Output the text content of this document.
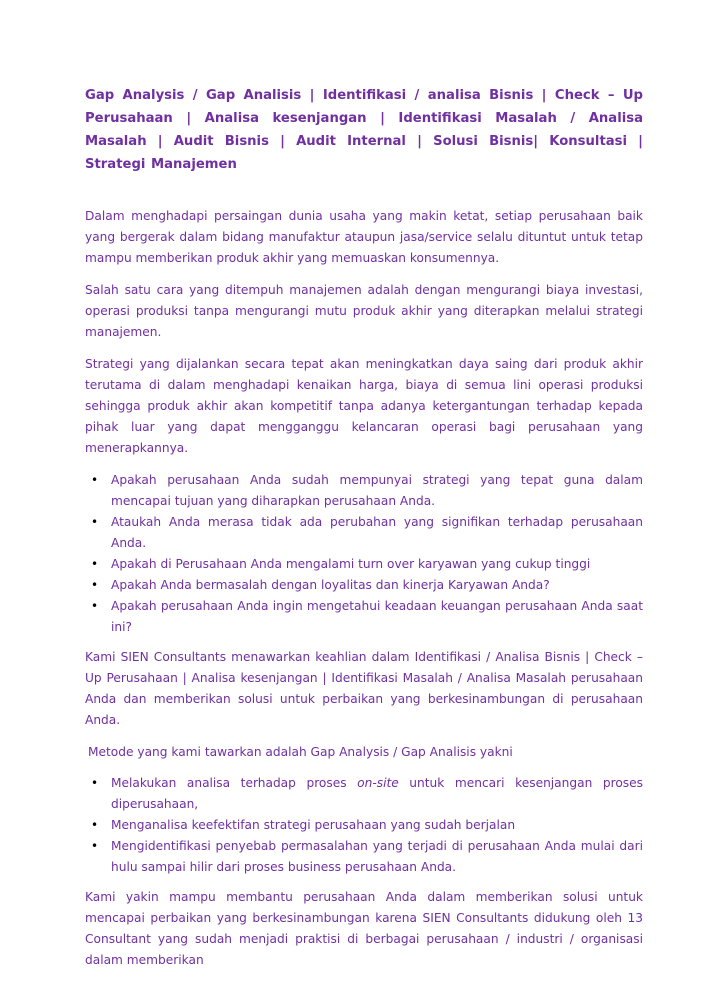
Gap Analysis / Gap Analisis | Identifikasi / analisa Bisnis | Check – Up Perusahaan | Analisa kesenjangan | Identifikasi Masalah / Analisa Masalah | Audit Bisnis | Audit Internal | Solusi Bisnis| Konsultasi | Strategi Manajemen

Dalam menghadapi persaingan dunia usaha yang makin ketat, setiap perusahaan baik yang bergerak dalam bidang manufaktur ataupun jasa/service selalu dituntut untuk tetap mampu memberikan produk akhir yang memuaskan konsumennya.

Salah satu cara yang ditempuh manajemen adalah dengan mengurangi biaya investasi, operasi produksi tanpa mengurangi mutu produk akhir yang diterapkan melalui strategi manajemen.

Strategi yang dijalankan secara tepat akan meningkatkan daya saing dari produk akhir terutama di dalam menghadapi kenaikan harga, biaya di semua lini operasi produksi sehingga produk akhir akan kompetitif tanpa adanya ketergantungan terhadap kepada pihak luar yang dapat mengganggu kelancaran operasi bagi perusahaan yang menerapkannya.

• Apakah perusahaan Anda sudah mempunyai strategi yang tepat guna dalam mencapai tujuan yang diharapkan perusahaan Anda.
• Ataukah Anda merasa tidak ada perubahan yang signifikan terhadap perusahaan Anda.
• Apakah di Perusahaan Anda mengalami turn over karyawan yang cukup tinggi
• Apakah Anda bermasalah dengan loyalitas dan kinerja Karyawan Anda?
• Apakah perusahaan Anda ingin mengetahui keadaan keuangan perusahaan Anda saat ini?

Kami SIEN Consultants menawarkan keahlian dalam Identifikasi / Analisa Bisnis | Check – Up Perusahaan | Analisa kesenjangan | Identifikasi Masalah / Analisa Masalah perusahaan Anda dan memberikan solusi untuk perbaikan yang berkesinambungan di perusahaan Anda.

Metode yang kami tawarkan adalah Gap Analysis / Gap Analisis yakni

• Melakukan analisa terhadap proses on-site untuk mencari kesenjangan proses diperusahaan,
• Menganalisa keefektifan strategi perusahaan yang sudah berjalan
• Mengidentifikasi penyebab permasalahan yang terjadi di perusahaan Anda mulai dari hulu sampai hilir dari proses business perusahaan Anda.

Kami yakin mampu membantu perusahaan Anda dalam memberikan solusi untuk mencapai perbaikan yang berkesinambungan karena SIEN Consultants didukung oleh 13 Consultant yang sudah menjadi praktisi di berbagai perusahaan / industri / organisasi dalam memberikan
